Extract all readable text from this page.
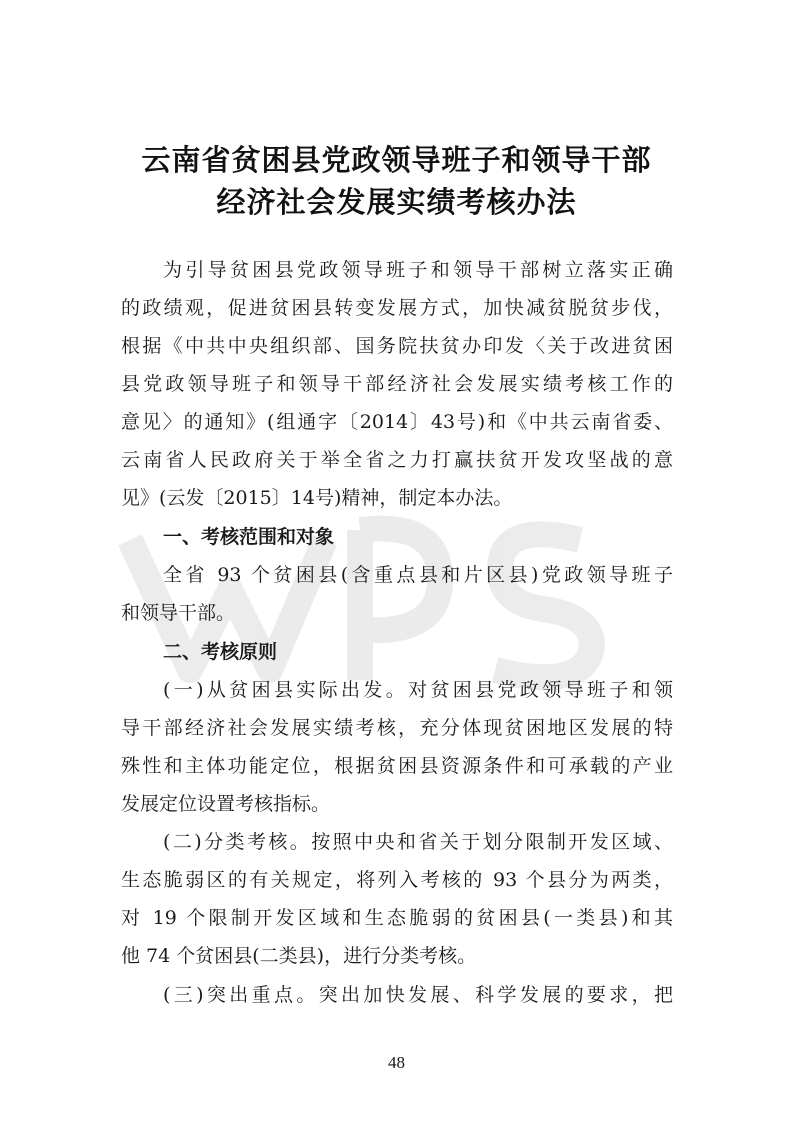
云南省贫困县党政领导班子和领导干部
经济社会发展实绩考核办法
为引导贫困县党政领导班子和领导干部树立落实正确
的政绩观，促进贫困县转变发展方式，加快减贫脱贫步伐，
根据《中共中央组织部、国务院扶贫办印发〈关于改进贫困
县党政领导班子和领导干部经济社会发展实绩考核工作的
意见〉的通知》(组通字〔2014〕43号)和《中共云南省委、
云南省人民政府关于举全省之力打赢扶贫开发攻坚战的意
见》(云发〔2015〕14号)精神，制定本办法。
一、考核范围和对象
全省 93 个贫困县(含重点县和片区县)党政领导班子
和领导干部。
二、考核原则
(一)从贫困县实际出发。对贫困县党政领导班子和领
导干部经济社会发展实绩考核，充分体现贫困地区发展的特
殊性和主体功能定位，根据贫困县资源条件和可承载的产业
发展定位设置考核指标。
(二)分类考核。按照中央和省关于划分限制开发区域、
生态脆弱区的有关规定，将列入考核的 93 个县分为两类，
对 19 个限制开发区域和生态脆弱的贫困县(一类县)和其
他 74 个贫困县(二类县)，进行分类考核。
(三)突出重点。突出加快发展、科学发展的要求，把
48
